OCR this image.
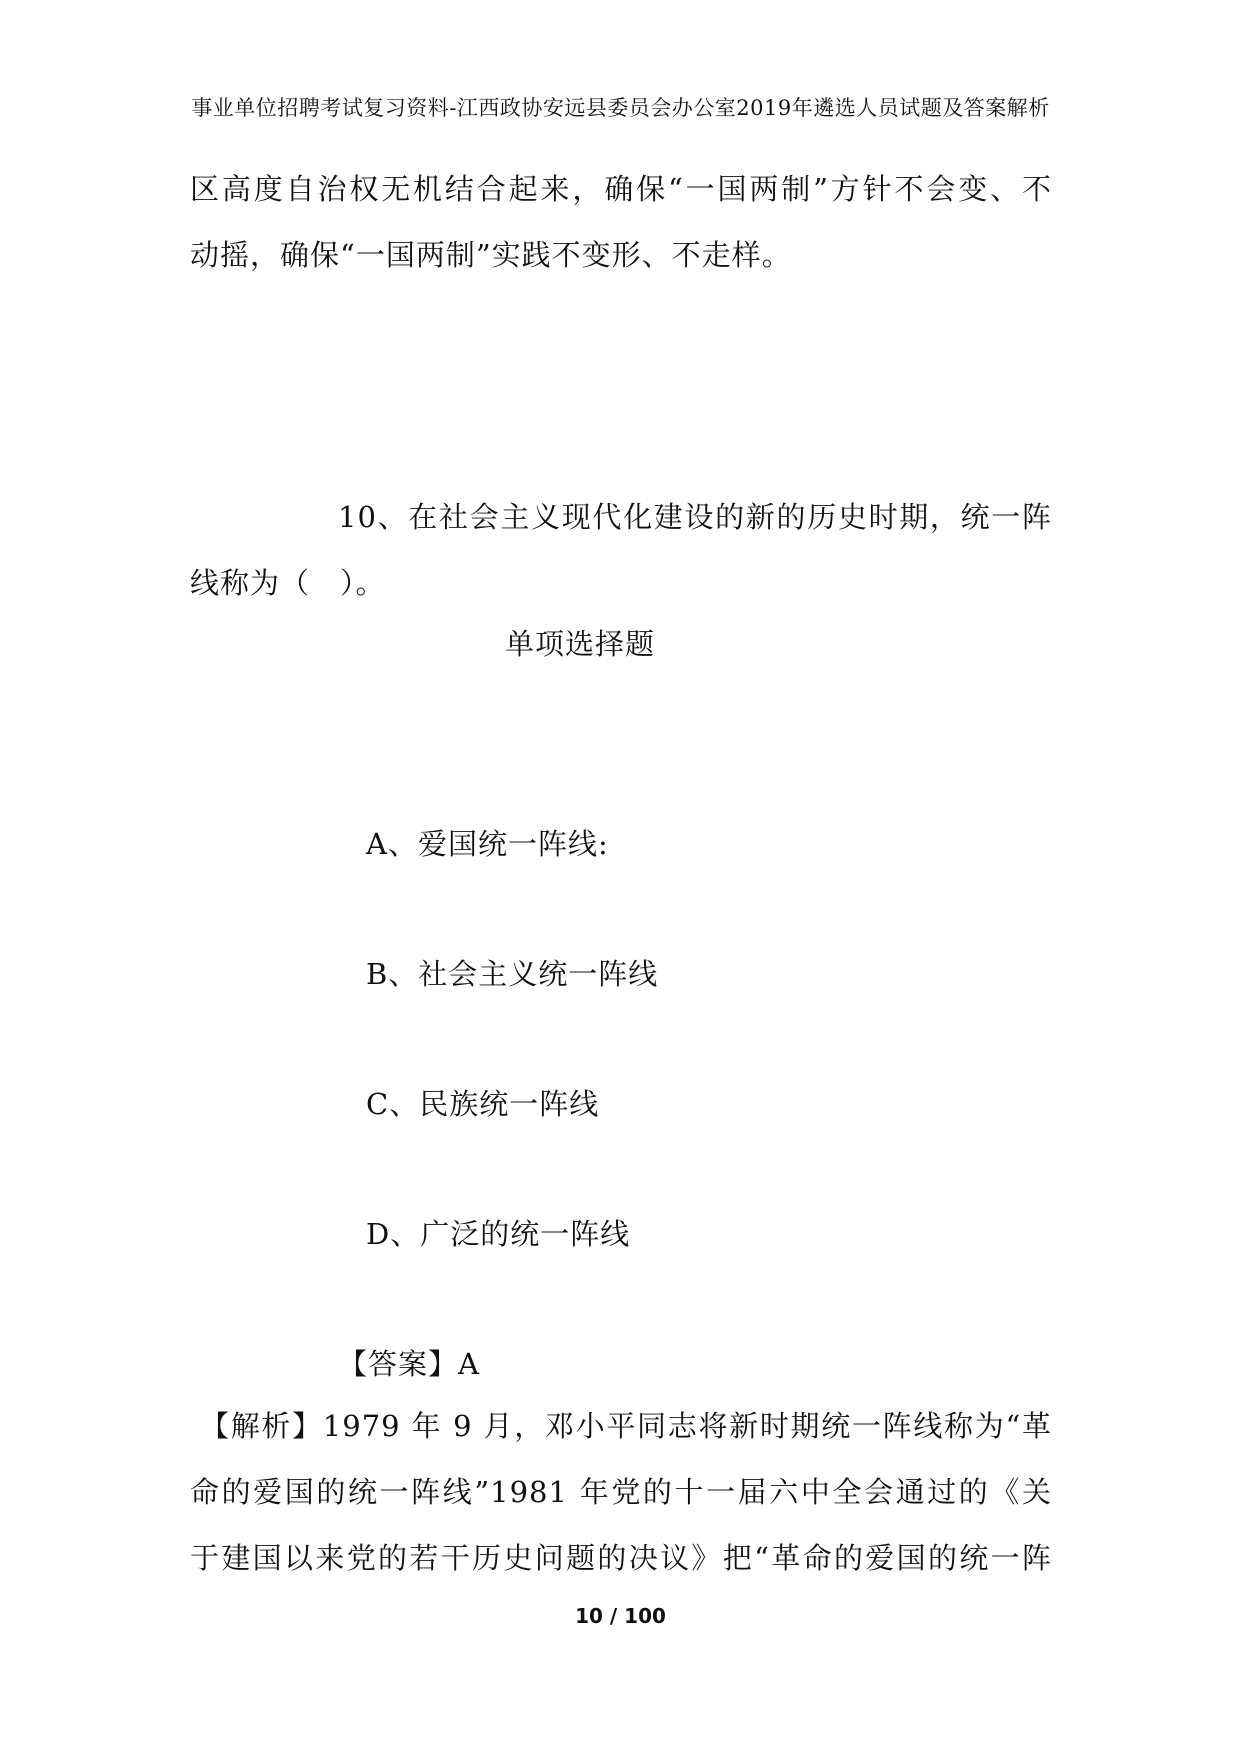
事业单位招聘考试复习资料-江西政协安远县委员会办公室2019年遴选人员试题及答案解析
区高度自治权无机结合起来，确保“一国两制”方针不会变、不
动摇，确保“一国两制”实践不变形、不走样。
10、在社会主义现代化建设的新的历史时期，统一阵
线称为（　）。
单项选择题
A、爱国统一阵线:
B、社会主义统一阵线
C、民族统一阵线
D、广泛的统一阵线
【答案】A
【解析】1979 年 9 月，邓小平同志将新时期统一阵线称为“革
命的爱国的统一阵线”1981 年党的十一届六中全会通过的《关
于建国以来党的若干历史问题的决议》把“革命的爱国的统一阵
10 / 100
